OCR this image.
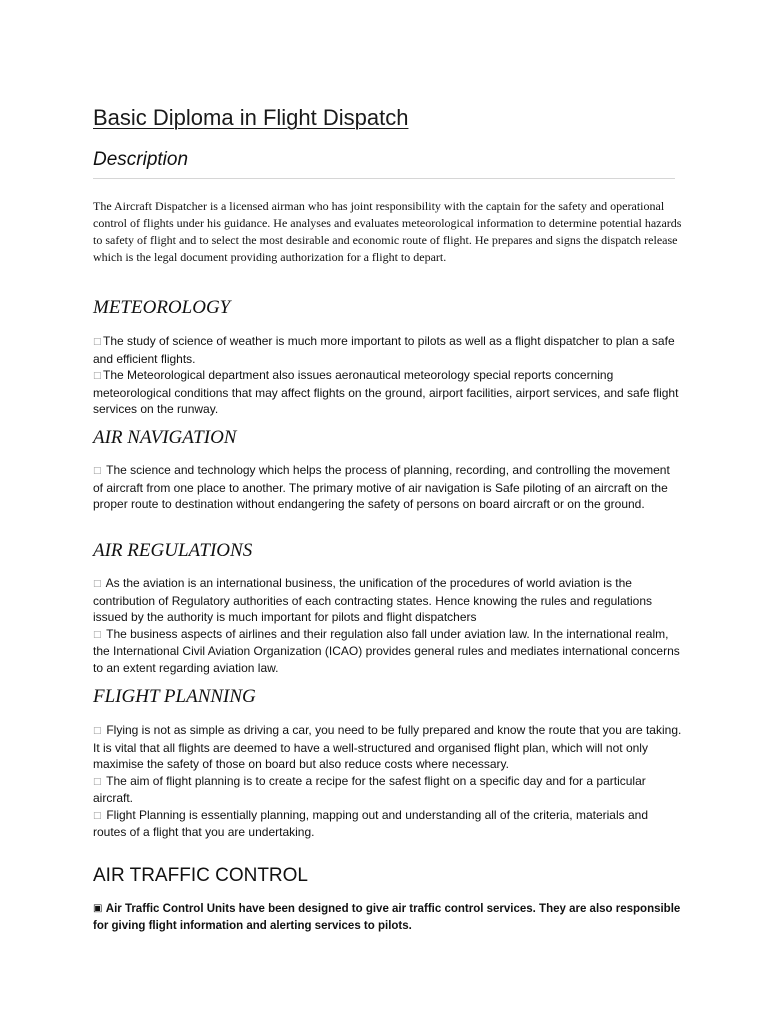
Basic Diploma in Flight Dispatch
Description

The Aircraft Dispatcher is a licensed airman who has joint responsibility with the captain for the safety and operational control of flights under his guidance. He analyses and evaluates meteorological information to determine potential hazards to safety of flight and to select the most desirable and economic route of flight. He prepares and signs the dispatch release which is the legal document providing authorization for a flight to depart.

METEOROLOGY
□The study of science of weather is much more important to pilots as well as a flight dispatcher to plan a safe and efficient flights.
□The Meteorological department also issues aeronautical meteorology special reports concerning meteorological conditions that may affect flights on the ground, airport facilities, airport services, and safe flight services on the runway.
AIR NAVIGATION
□ The science and technology which helps the process of planning, recording, and controlling the movement of aircraft from one place to another. The primary motive of air navigation is Safe piloting of an aircraft on the proper route to destination without endangering the safety of persons on board aircraft or on the ground.
AIR REGULATIONS
□ As the aviation is an international business, the unification of the procedures of world aviation is the contribution of Regulatory authorities of each contracting states. Hence knowing the rules and regulations issued by the authority is much important for pilots and flight dispatchers
□ The business aspects of airlines and their regulation also fall under aviation law. In the international realm, the International Civil Aviation Organization (ICAO) provides general rules and mediates international concerns to an extent regarding aviation law.
FLIGHT PLANNING
□ Flying is not as simple as driving a car, you need to be fully prepared and know the route that you are taking. It is vital that all flights are deemed to have a well-structured and organised flight plan, which will not only maximise the safety of those on board but also reduce costs where necessary.
□ The aim of flight planning is to create a recipe for the safest flight on a specific day and for a particular aircraft.
□ Flight Planning is essentially planning, mapping out and understanding all of the criteria, materials and routes of a flight that you are undertaking.
AIR TRAFFIC CONTROL
▣ Air Traffic Control Units have been designed to give air traffic control services. They are also responsible for giving flight information and alerting services to pilots.
